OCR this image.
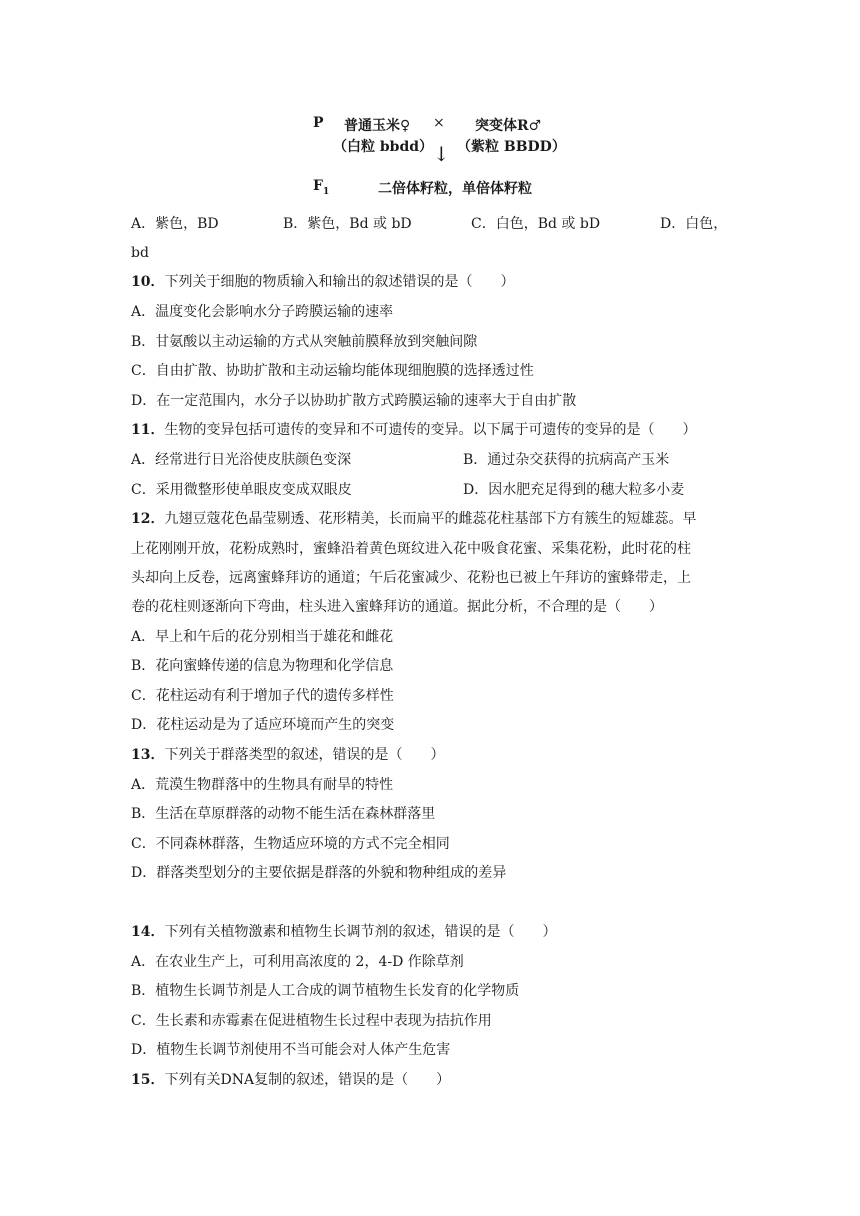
P 普通玉米♀ × 突变体R♂
（白粒 bbdd） ↓ （紫粒 BBDD）
$F_1$	二倍体籽粒，单倍体籽粒
A．紫色，BD	B．紫色，Bd 或 bD	C．白色，Bd 或 bD	D．白色，
bd
10．下列关于细胞的物质输入和输出的叙述错误的是（　　）
A．温度变化会影响水分子跨膜运输的速率
B．甘氨酸以主动运输的方式从突触前膜释放到突触间隙
C．自由扩散、协助扩散和主动运输均能体现细胞膜的选择透过性
D．在一定范围内，水分子以协助扩散方式跨膜运输的速率大于自由扩散
11．生物的变异包括可遗传的变异和不可遗传的变异。以下属于可遗传的变异的是（　　）
A．经常进行日光浴使皮肤颜色变深	B．通过杂交获得的抗病高产玉米
C．采用微整形使单眼皮变成双眼皮	D．因水肥充足得到的穗大粒多小麦
12．九翅豆蔻花色晶莹剔透、花形精美，长而扁平的雌蕊花柱基部下方有簇生的短雄蕊。早
上花刚刚开放，花粉成熟时，蜜蜂沿着黄色斑纹进入花中吸食花蜜、采集花粉，此时花的柱
头却向上反卷，远离蜜蜂拜访的通道；午后花蜜减少、花粉也已被上午拜访的蜜蜂带走，上
卷的花柱则逐渐向下弯曲，柱头进入蜜蜂拜访的通道。据此分析，不合理的是（　　）
A．早上和午后的花分别相当于雄花和雌花
B．花向蜜蜂传递的信息为物理和化学信息
C．花柱运动有利于增加子代的遗传多样性
D．花柱运动是为了适应环境而产生的突变
13．下列关于群落类型的叙述，错误的是（　　）
A．荒漠生物群落中的生物具有耐旱的特性
B．生活在草原群落的动物不能生活在森林群落里
C．不同森林群落，生物适应环境的方式不完全相同
D．群落类型划分的主要依据是群落的外貌和物种组成的差异
14．下列有关植物激素和植物生长调节剂的叙述，错误的是（　　）
A．在农业生产上，可利用高浓度的 2，4-D 作除草剂
B．植物生长调节剂是人工合成的调节植物生长发育的化学物质
C．生长素和赤霉素在促进植物生长过程中表现为拮抗作用
D．植物生长调节剂使用不当可能会对人体产生危害
15．下列有关DNA复制的叙述，错误的是（　　）
